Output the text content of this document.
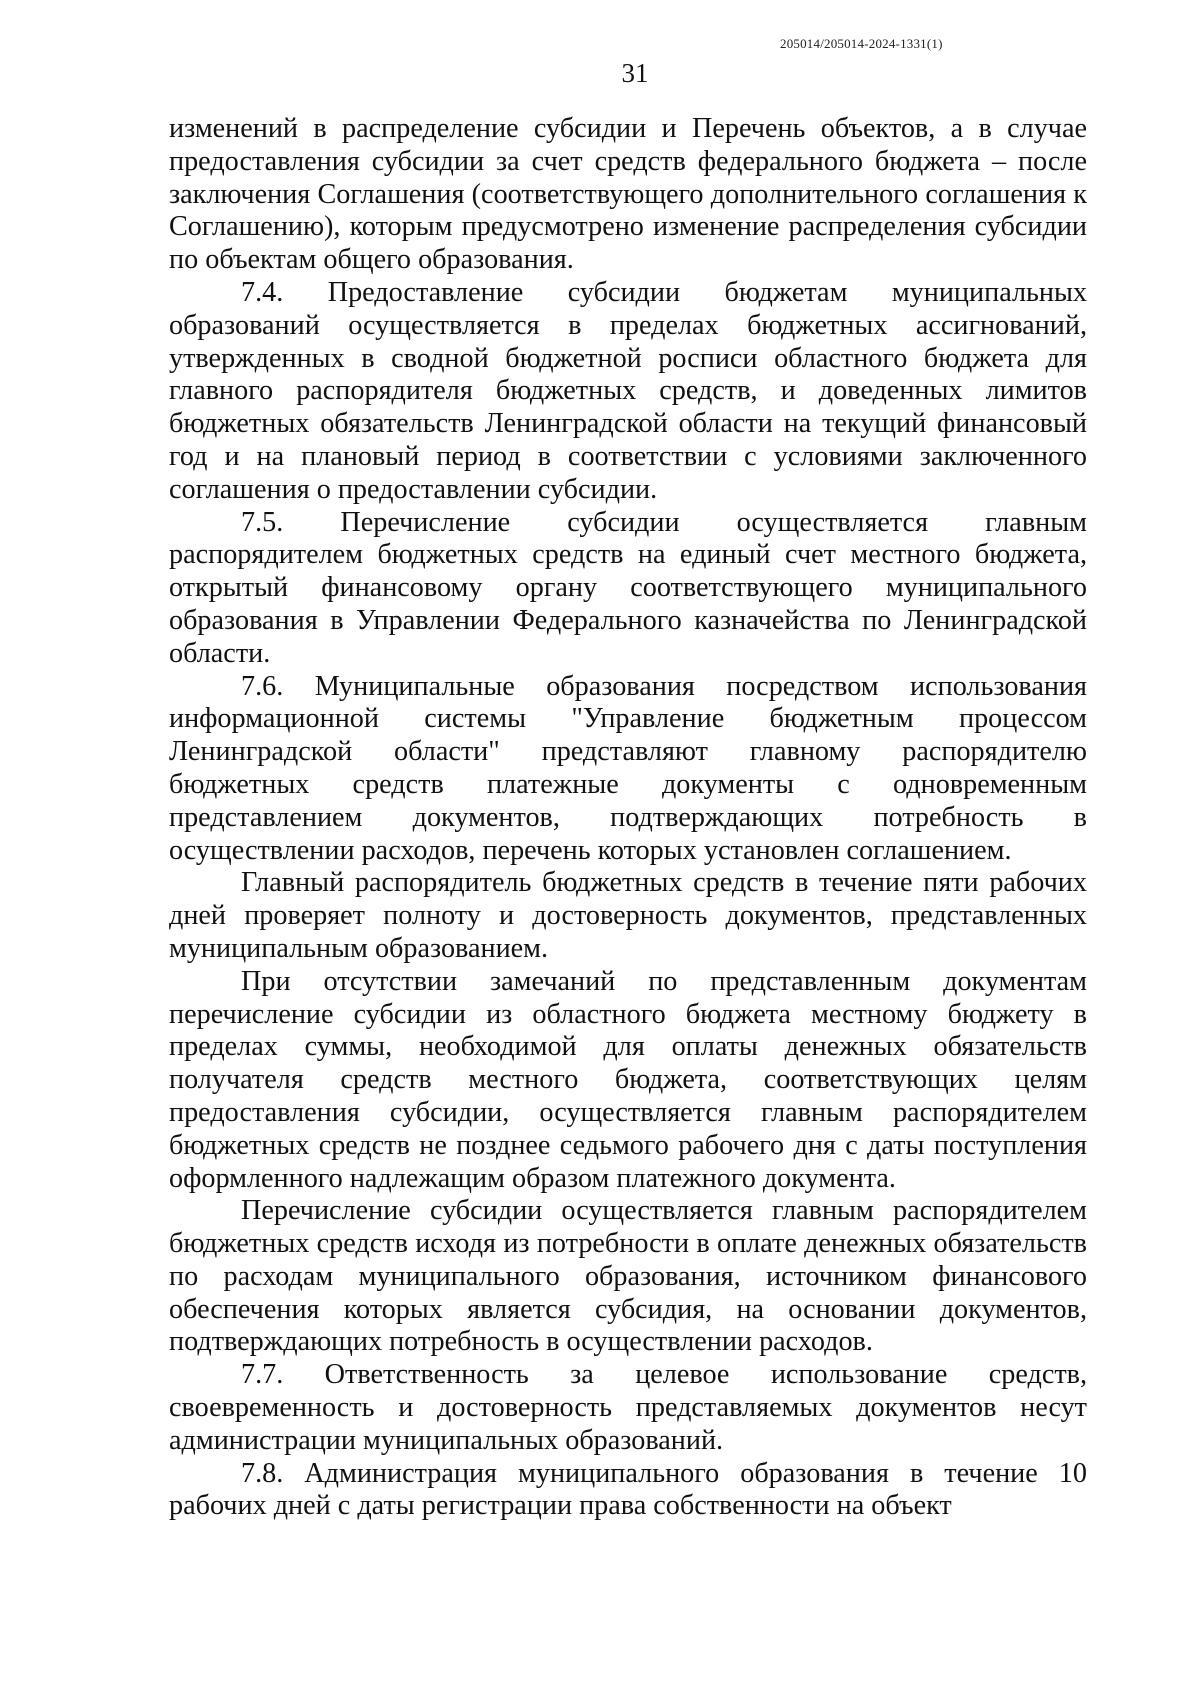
205014/205014-2024-1331(1)
31

изменений в распределение субсидии и Перечень объектов, а в случае предоставления субсидии за счет средств федерального бюджета – после заключения Соглашения (соответствующего дополнительного соглашения к Соглашению), которым предусмотрено изменение распределения субсидии по объектам общего образования.

7.4. Предоставление субсидии бюджетам муниципальных образований осуществляется в пределах бюджетных ассигнований, утвержденных в сводной бюджетной росписи областного бюджета для главного распорядителя бюджетных средств, и доведенных лимитов бюджетных обязательств Ленинградской области на текущий финансовый год и на плановый период в соответствии с условиями заключенного соглашения о предоставлении субсидии.

7.5. Перечисление субсидии осуществляется главным распорядителем бюджетных средств на единый счет местного бюджета, открытый финансовому органу соответствующего муниципального образования в Управлении Федерального казначейства по Ленинградской области.

7.6. Муниципальные образования посредством использования информационной системы "Управление бюджетным процессом Ленинградской области" представляют главному распорядителю бюджетных средств платежные документы с одновременным представлением документов, подтверждающих потребность в осуществлении расходов, перечень которых установлен соглашением.

Главный распорядитель бюджетных средств в течение пяти рабочих дней проверяет полноту и достоверность документов, представленных муниципальным образованием.

При отсутствии замечаний по представленным документам перечисление субсидии из областного бюджета местному бюджету в пределах суммы, необходимой для оплаты денежных обязательств получателя средств местного бюджета, соответствующих целям предоставления субсидии, осуществляется главным распорядителем бюджетных средств не позднее седьмого рабочего дня с даты поступления оформленного надлежащим образом платежного документа.

Перечисление субсидии осуществляется главным распорядителем бюджетных средств исходя из потребности в оплате денежных обязательств по расходам муниципального образования, источником финансового обеспечения которых является субсидия, на основании документов, подтверждающих потребность в осуществлении расходов.

7.7. Ответственность за целевое использование средств, своевременность и достоверность представляемых документов несут администрации муниципальных образований.

7.8. Администрация муниципального образования в течение 10 рабочих дней с даты регистрации права собственности на объект
